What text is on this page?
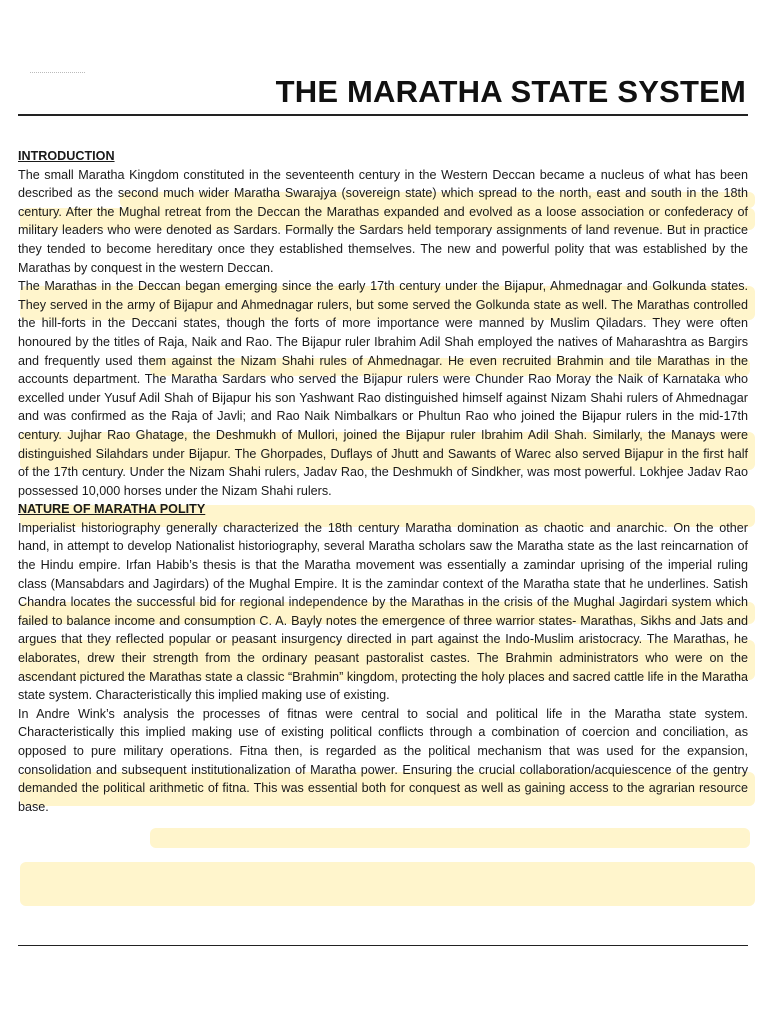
THE MARATHA STATE SYSTEM

INTRODUCTION

The small Maratha Kingdom constituted in the seventeenth century in the Western Deccan became a nucleus of what has been described as the second much wider Maratha Swarajya (sovereign state) which spread to the north, east and south in the 18th century. After the Mughal retreat from the Deccan the Marathas expanded and evolved as a loose association or confederacy of military leaders who were denoted as Sardars. Formally the Sardars held temporary assignments of land revenue. But in practice they tended to become hereditary once they established themselves. The new and powerful polity that was established by the Marathas by conquest in the western Deccan.

The Marathas in the Deccan began emerging since the early 17th century under the Bijapur, Ahmednagar and Golkunda states. They served in the army of Bijapur and Ahmednagar rulers, but some served the Golkunda state as well. The Marathas controlled the hill-forts in the Deccani states, though the forts of more importance were manned by Muslim Qiladars. They were often honoured by the titles of Raja, Naik and Rao. The Bijapur ruler Ibrahim Adil Shah employed the natives of Maharashtra as Bargirs and frequently used them against the Nizam Shahi rules of Ahmednagar. He even recruited Brahmin and tile Marathas in the accounts department. The Maratha Sardars who served the Bijapur rulers were Chunder Rao Moray the Naik of Karnataka who excelled under Yusuf Adil Shah of Bijapur his son Yashwant Rao distinguished himself against Nizam Shahi rulers of Ahmednagar and was confirmed as the Raja of Javli; and Rao Naik Nimbalkars or Phultun Rao who joined the Bijapur rulers in the mid-17th century. Jujhar Rao Ghatage, the Deshmukh of Mullori, joined the Bijapur ruler Ibrahim Adil Shah. Similarly, the Manays were distinguished Silahdars under Bijapur. The Ghorpades, Duflays of Jhutt and Sawants of Warec also served Bijapur in the first half of the 17th century. Under the Nizam Shahi rulers, Jadav Rao, the Deshmukh of Sindkher, was most powerful. Lokhjee Jadav Rao possessed 10,000 horses under the Nizam Shahi rulers.

NATURE OF MARATHA POLITY

Imperialist historiography generally characterized the 18th century Maratha domination as chaotic and anarchic. On the other hand, in attempt to develop Nationalist historiography, several Maratha scholars saw the Maratha state as the last reincarnation of the Hindu empire. Irfan Habib’s thesis is that the Maratha movement was essentially a zamindar uprising of the imperial ruling class (Mansabdars and Jagirdars) of the Mughal Empire. It is the zamindar context of the Maratha state that he underlines. Satish Chandra locates the successful bid for regional independence by the Marathas in the crisis of the Mughal Jagirdari system which failed to balance income and consumption C. A. Bayly notes the emergence of three warrior states- Marathas, Sikhs and Jats and argues that they reflected popular or peasant insurgency directed in part against the Indo-Muslim aristocracy. The Marathas, he elaborates, drew their strength from the ordinary peasant pastoralist castes. The Brahmin administrators who were on the ascendant pictured the Marathas state a classic “Brahmin” kingdom, protecting the holy places and sacred cattle life in the Maratha state system. Characteristically this implied making use of existing.

In Andre Wink’s analysis the processes of fitnas were central to social and political life in the Maratha state system. Characteristically this implied making use of existing political conflicts through a combination of coercion and conciliation, as opposed to pure military operations. Fitna then, is regarded as the political mechanism that was used for the expansion, consolidation and subsequent institutionalization of Maratha power. Ensuring the crucial collaboration/acquiescence of the gentry demanded the political arithmetic of fitna. This was essential both for conquest as well as gaining access to the agrarian resource base.
